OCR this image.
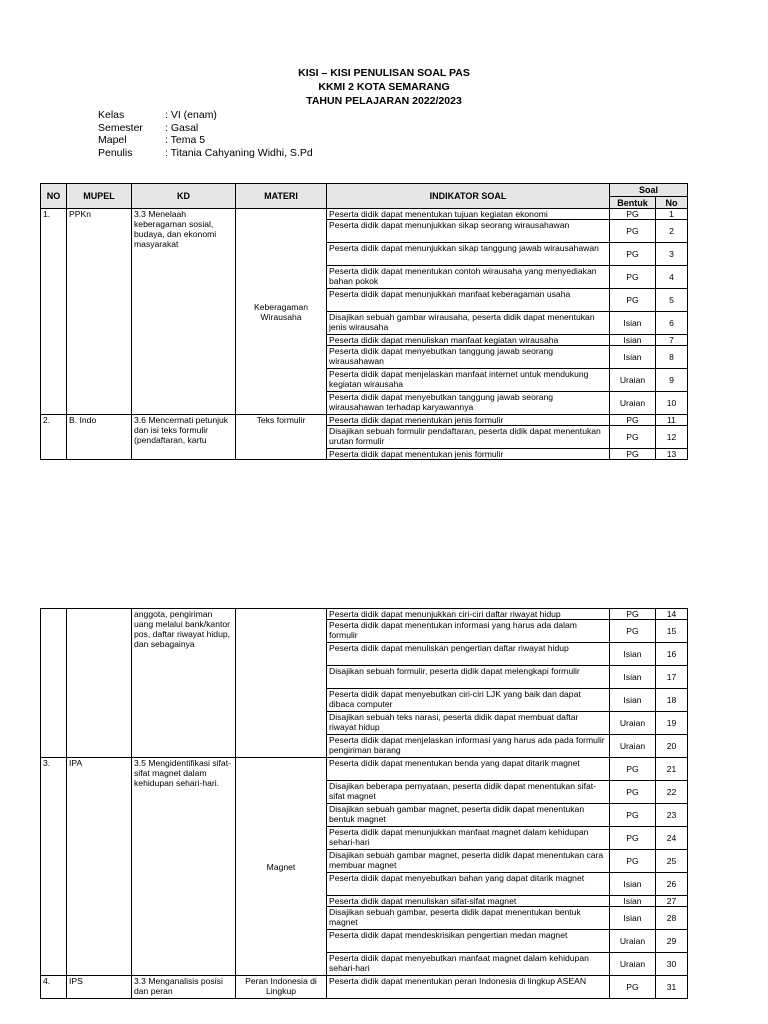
KISI – KISI PENULISAN SOAL PAS
KKMI 2 KOTA SEMARANG
TAHUN PELAJARAN 2022/2023
Kelas	: VI (enam)
Semester	: Gasal
Mapel	: Tema 5
Penulis	: Titania Cahyaning Widhi, S.Pd
NO	MUPEL	KD	MATERI	INDIKATOR SOAL	Soal	
					Bentuk	No
1.	PPKn	3.3 Menelaah keberagaman sosial, budaya, dan ekonomi masyarakat	Keberagaman Wirausaha	Peserta didik dapat menentukan tujuan kegiatan ekonomi	PG	1
				Peserta didik dapat menunjukkan sikap seorang wirausahawan	PG	2
				Peserta didik dapat menunjukkan sikap tanggung jawab wirausahawan	PG	3
				Peserta didik dapat menentukan contoh wirausaha yang menyediakan bahan pokok	PG	4
				Peserta didik dapat menunjukkan manfaat keberagaman usaha	PG	5
				Disajikan sebuah gambar wirausaha, peserta didik dapat menentukan jenis wirausaha	Isian	6
				Peserta didik dapat menuliskan manfaat kegiatan wirausaha	Isian	7
				Peserta didik dapat menyebutkan tanggung jawab seorang wirausahawan	Isian	8
				Peserta didik dapat menjelaskan manfaat internet untuk mendukung kegiatan wirausaha	Uraian	9
				Peserta didik dapat menyebutkan tanggung jawab seorang wirausahawan terhadap karyawannya	Uraian	10
2.	B. Indo	3.6 Mencermati petunjuk dan isi teks formulir (pendaftaran, kartu	Teks formulir	Peserta didik dapat menentukan jenis formulir	PG	11
				Disajikan sebuah formulir pendaftaran, peserta didik dapat menentukan urutan formulir	PG	12
				Peserta didik dapat menentukan jenis formulir	PG	13
		anggota, pengiriman uang melalui bank/kantor pos, daftar riwayat hidup, dan sebagainya		Peserta didik dapat menunjukkan ciri-ciri daftar riwayat hidup	PG	14
				Peserta didik dapat menentukan informasi yang harus ada dalam formulir	PG	15
				Peserta didik dapat menuliskan pengertian daftar riwayat hidup	Isian	16
				Disajikan sebuah formulir, peserta didik dapat melengkapi formulir	Isian	17
				Peserta didik dapat menyebutkan ciri-ciri LJK yang baik dan dapat dibaca computer	Isian	18
				Disajikan sebuah teks narasi, peserta didik dapat membuat daftar riwayat hidup	Uraian	19
				Peserta didik dapat menjelaskan informasi yang harus ada pada formulir pengiriman barang	Uraian	20
3.	IPA	3.5 Mengidentifikasi sifat-sifat magnet dalam kehidupan sehari-hari.	Magnet	Peserta didik dapat menentukan benda yang dapat ditarik magnet	PG	21
				Disajikan beberapa pernyataan, peserta didik dapat menentukan sifat-sifat magnet	PG	22
				Disajikan sebuah gambar magnet, peserta didik dapat menentukan bentuk magnet	PG	23
				Peserta didik dapat menunjukkan manfaat magnet dalam kehidupan sehari-hari	PG	24
				Disajikan sebuah gambar magnet, peserta didik dapat menentukan cara membuar magnet	PG	25
				Peserta didik dapat menyebutkan bahan yang dapat ditarik magnet	Isian	26
				Peserta didik dapat menuliskan sifat-sifat magnet	Isian	27
				Disajikan sebuah gambar, peserta didik dapat menentukan bentuk magnet	Isian	28
				Peserta didik dapat mendeskrisikan pengertian medan magnet	Uraian	29
				Peserta didik dapat menyebutkan manfaat magnet dalam kehidupan sehari-hari	Uraian	30
4.	IPS	3.3 Menganalisis posisi dan peran	Peran Indonesia di Lingkup	Peserta didik dapat menentukan peran Indonesia di lingkup ASEAN	PG	31
